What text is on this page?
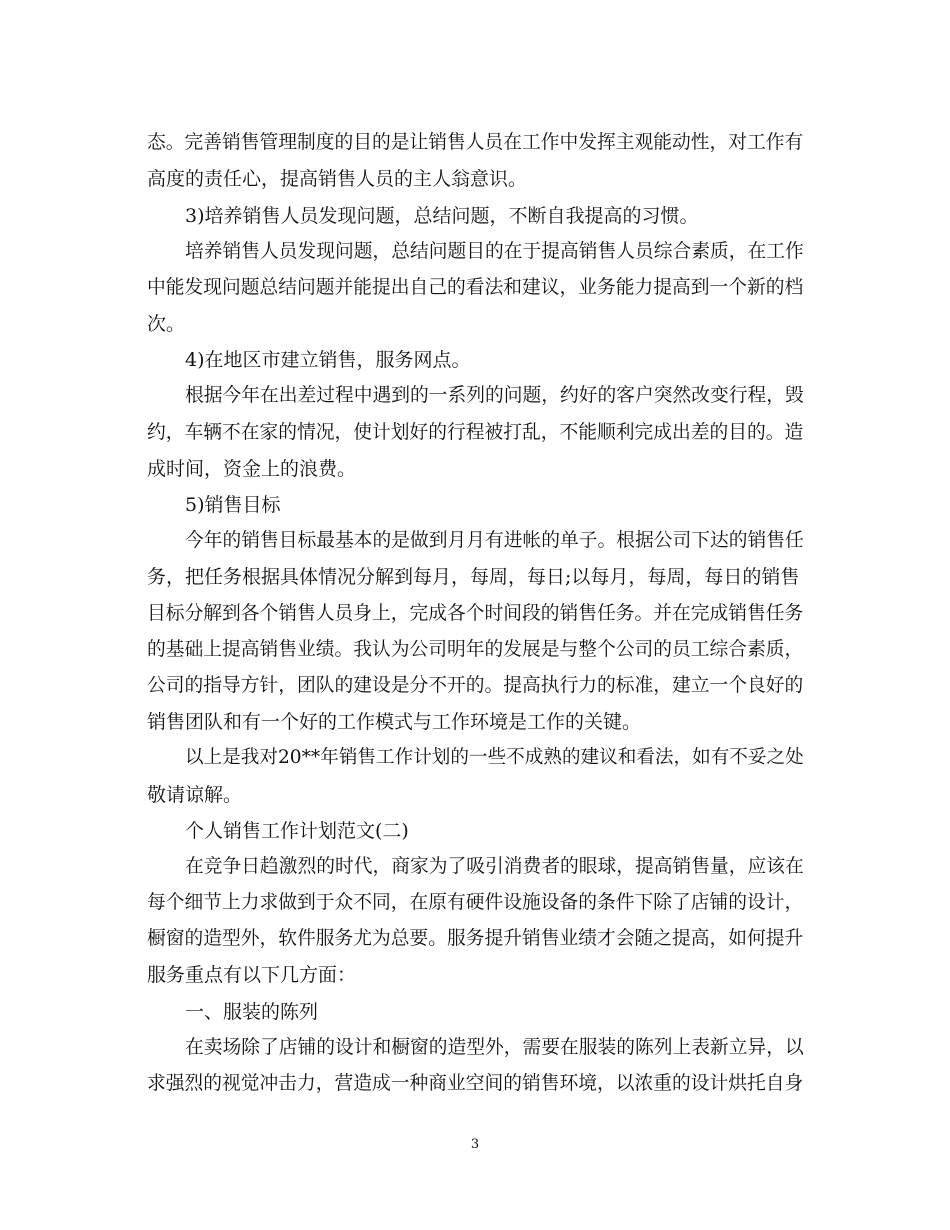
态。完善销售管理制度的目的是让销售人员在工作中发挥主观能动性，对工作有
高度的责任心，提高销售人员的主人翁意识。
3)培养销售人员发现问题，总结问题，不断自我提高的习惯。
培养销售人员发现问题，总结问题目的在于提高销售人员综合素质，在工作
中能发现问题总结问题并能提出自己的看法和建议，业务能力提高到一个新的档
次。
4)在地区市建立销售，服务网点。
根据今年在出差过程中遇到的一系列的问题，约好的客户突然改变行程，毁
约，车辆不在家的情况，使计划好的行程被打乱，不能顺利完成出差的目的。造
成时间，资金上的浪费。
5)销售目标
今年的销售目标最基本的是做到月月有进帐的单子。根据公司下达的销售任
务，把任务根据具体情况分解到每月，每周，每日;以每月，每周，每日的销售
目标分解到各个销售人员身上，完成各个时间段的销售任务。并在完成销售任务
的基础上提高销售业绩。我认为公司明年的发展是与整个公司的员工综合素质，
公司的指导方针，团队的建设是分不开的。提高执行力的标准，建立一个良好的
销售团队和有一个好的工作模式与工作环境是工作的关键。
以上是我对20**年销售工作计划的一些不成熟的建议和看法，如有不妥之处
敬请谅解。
个人销售工作计划范文(二)
在竞争日趋激烈的时代，商家为了吸引消费者的眼球，提高销售量，应该在
每个细节上力求做到于众不同，在原有硬件设施设备的条件下除了店铺的设计，
橱窗的造型外，软件服务尤为总要。服务提升销售业绩才会随之提高，如何提升
服务重点有以下几方面：
一、服装的陈列
在卖场除了店铺的设计和橱窗的造型外，需要在服装的陈列上表新立异，以
求强烈的视觉冲击力，营造成一种商业空间的销售环境，以浓重的设计烘托自身
3
